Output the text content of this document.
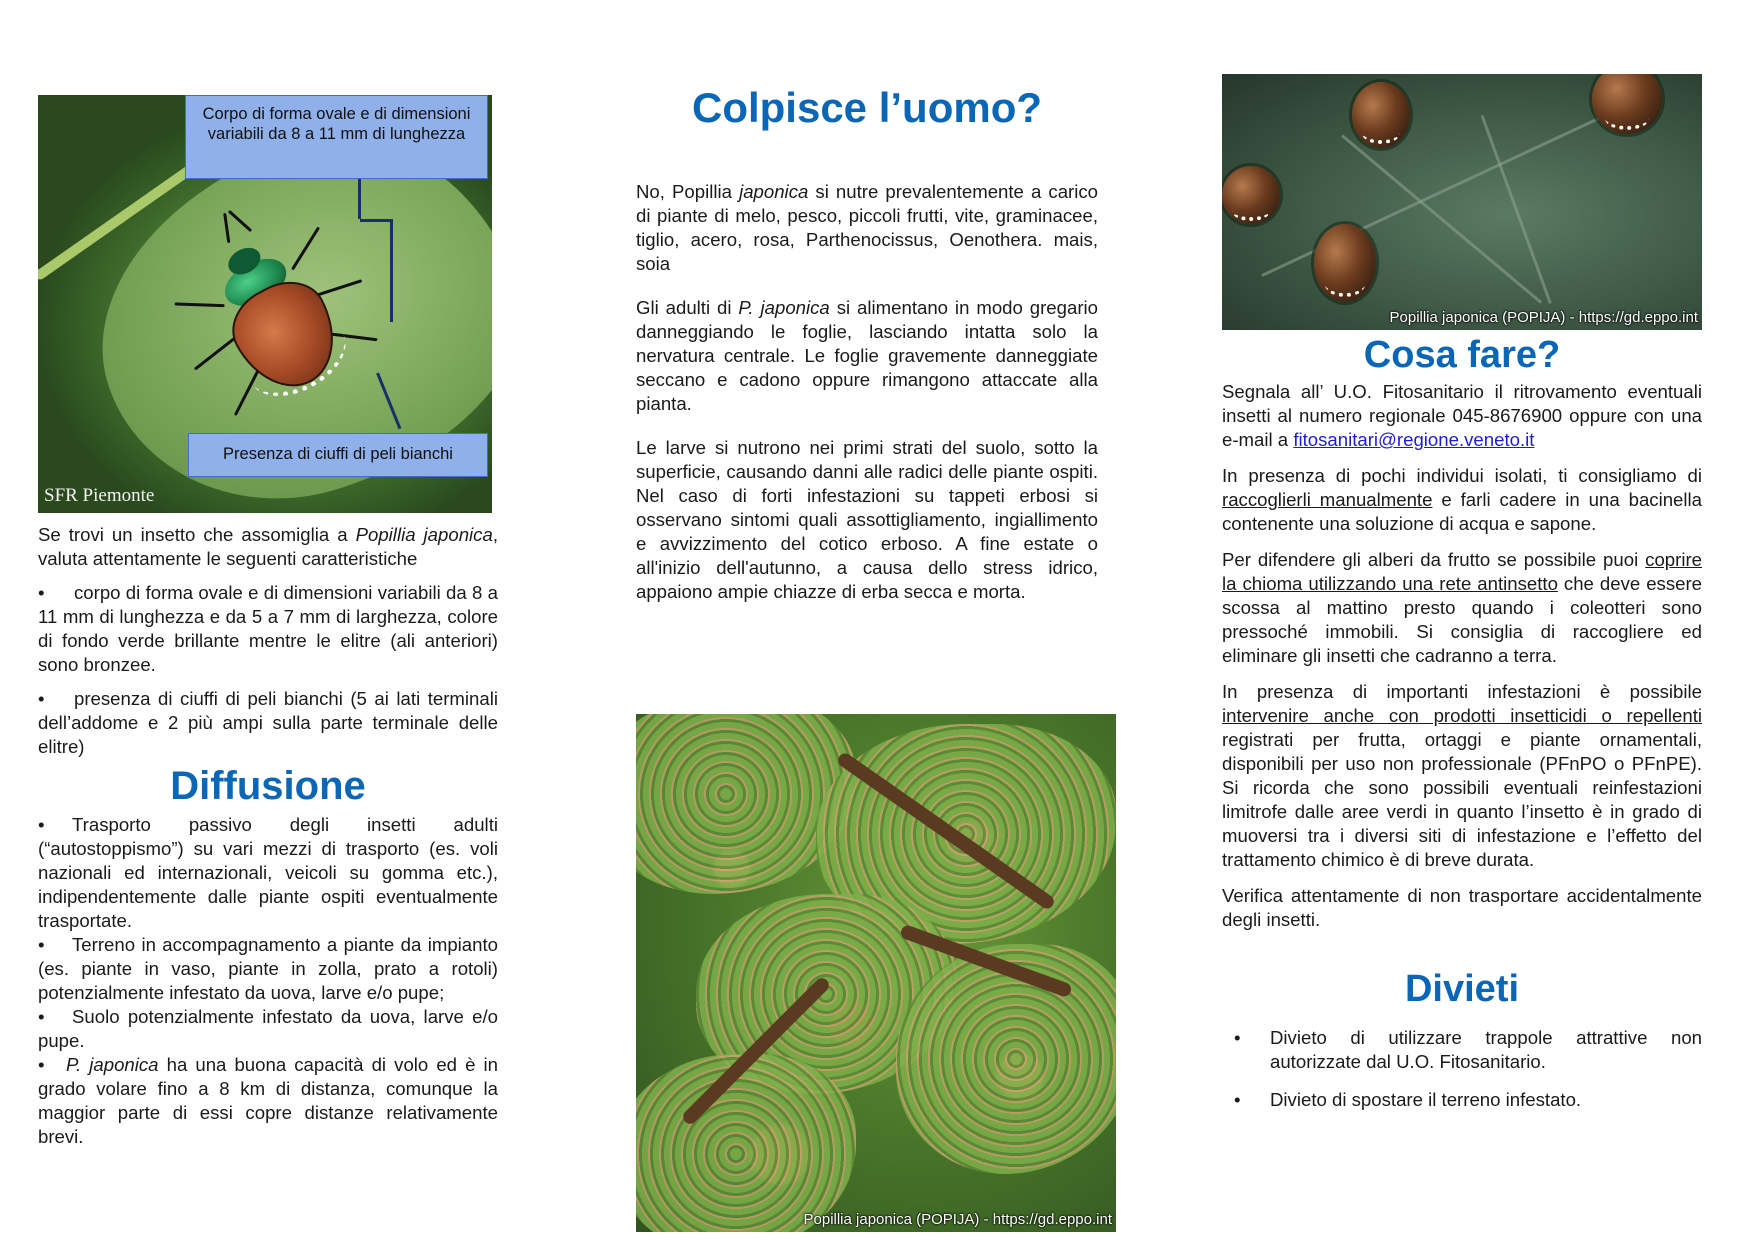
Corpo di forma ovale e di dimensioni variabili da 8 a 11 mm di lunghezza
Presenza di ciuffi di peli bianchi
SFR Piemonte

Se trovi un insetto che assomiglia a Popillia japonica, valuta attentamente le seguenti caratteristiche

• corpo di forma ovale e di dimensioni variabili da 8 a 11 mm di lunghezza e da 5 a 7 mm di larghezza, colore di fondo verde brillante mentre le elitre (ali anteriori) sono bronzee.

• presenza di ciuffi di peli bianchi (5 ai lati terminali dell’addome e 2 più ampi sulla parte terminale delle elitre)

Diffusione

• Trasporto passivo degli insetti adulti (“autostoppismo”) su vari mezzi di trasporto (es. voli nazionali ed internazionali, veicoli su gomma etc.), indipendentemente dalle piante ospiti eventualmente trasportate.

• Terreno in accompagnamento a piante da impianto (es. piante in vaso, piante in zolla, prato a rotoli) potenzialmente infestato da uova, larve e/o pupe;

• Suolo potenzialmente infestato da uova, larve e/o pupe.

• P. japonica ha una buona capacità di volo ed è in grado volare fino a 8 km di distanza, comunque la maggior parte di essi copre distanze relativamente brevi.

Colpisce l’uomo?

No, Popillia japonica si nutre prevalentemente a carico di piante di melo, pesco, piccoli frutti, vite, graminacee, tiglio, acero, rosa, Parthenocissus, Oenothera. mais, soia

Gli adulti di P. japonica si alimentano in modo gregario danneggiando le foglie, lasciando intatta solo la nervatura centrale. Le foglie gravemente danneggiate seccano e cadono oppure rimangono attaccate alla pianta.

Le larve si nutrono nei primi strati del suolo, sotto la superficie, causando danni alle radici delle piante ospiti. Nel caso di forti infestazioni su tappeti erbosi si osservano sintomi quali assottigliamento, ingiallimento e avvizzimento del cotico erboso. A fine estate o all'inizio dell'autunno, a causa dello stress idrico, appaiono ampie chiazze di erba secca e morta.

Popillia japonica (POPIJA) - https://gd.eppo.int
Popillia japonica (POPIJA) - https://gd.eppo.int
Cosa fare?

Segnala all’ U.O. Fitosanitario il ritrovamento eventuali insetti al numero regionale 045-8676900 oppure con una e-mail a fitosanitari@regione.veneto.it

In presenza di pochi individui isolati, ti consigliamo di raccoglierli manualmente e farli cadere in una bacinella contenente una soluzione di acqua e sapone.

Per difendere gli alberi da frutto se possibile puoi coprire la chioma utilizzando una rete antinsetto che deve essere scossa al mattino presto quando i coleotteri sono pressoché immobili. Si consiglia di raccogliere ed eliminare gli insetti che cadranno a terra.

In presenza di importanti infestazioni è possibile intervenire anche con prodotti insetticidi o repellenti registrati per frutta, ortaggi e piante ornamentali, disponibili per uso non professionale (PFnPO o PFnPE). Si ricorda che sono possibili eventuali reinfestazioni limitrofe dalle aree verdi in quanto l’insetto è in grado di muoversi tra i diversi siti di infestazione e l’effetto del trattamento chimico è di breve durata.

Verifica attentamente di non trasportare accidentalmente degli insetti.

Divieti
• Divieto di utilizzare trappole attrattive non autorizzate dal U.O. Fitosanitario.
• Divieto di spostare il terreno infestato.
